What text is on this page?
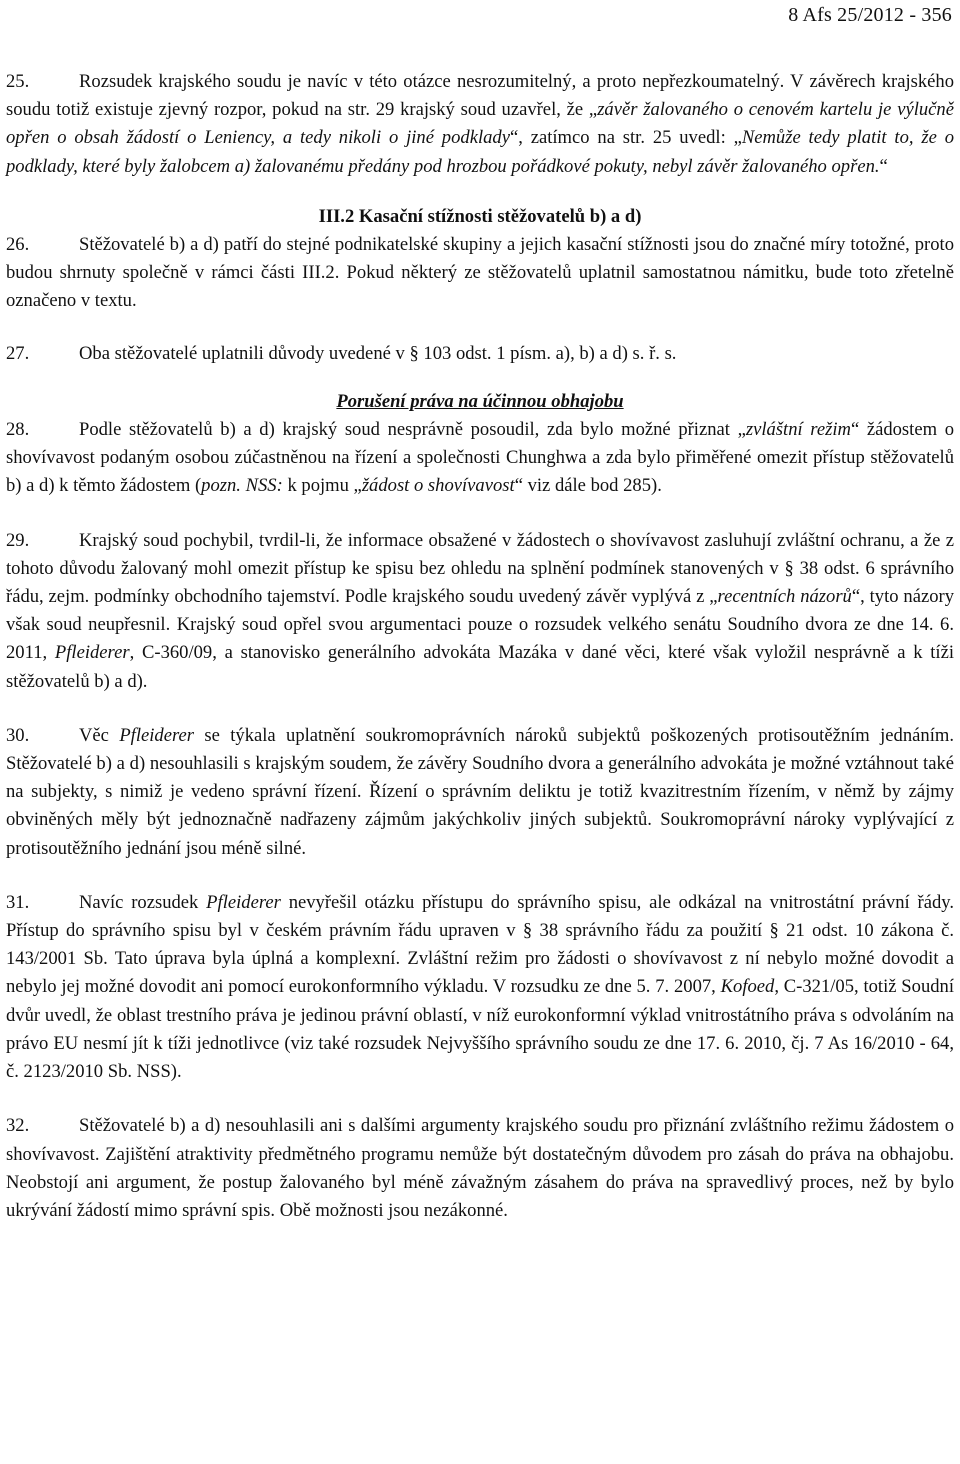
8 Afs 25/2012 - 356

25.	Rozsudek krajského soudu je navíc v této otázce nesrozumitelný, a proto nepřezkoumatelný. V závěrech krajského soudu totiž existuje zjevný rozpor, pokud na str. 29 krajský soud uzavřel, že „závěr žalovaného o cenovém kartelu je výlučně opřen o obsah žádostí o Leniency, a tedy nikoli o jiné podklady“, zatímco na str. 25 uvedl: „Nemůže tedy platit to, že o podklady, které byly žalobcem a) žalovanému předány pod hrozbou pořádkové pokuty, nebyl závěr žalovaného opřen.“

III.2 Kasační stížnosti stěžovatelů b) a d)

26.	Stěžovatelé b) a d) patří do stejné podnikatelské skupiny a jejich kasační stížnosti jsou do značné míry totožné, proto budou shrnuty společně v rámci části III.2. Pokud některý ze stěžovatelů uplatnil samostatnou námitku, bude toto zřetelně označeno v textu.

27.	Oba stěžovatelé uplatnili důvody uvedené v § 103 odst. 1 písm. a), b) a d) s. ř. s.

Porušení práva na účinnou obhajobu

28.	Podle stěžovatelů b) a d) krajský soud nesprávně posoudil, zda bylo možné přiznat „zvláštní režim“ žádostem o shovívavost podaným osobou zúčastněnou na řízení a společnosti Chunghwa a zda bylo přiměřené omezit přístup stěžovatelů b) a d) k těmto žádostem (pozn. NSS: k pojmu „žádost o shovívavost“ viz dále bod 285).

29.	Krajský soud pochybil, tvrdil-li, že informace obsažené v žádostech o shovívavost zasluhují zvláštní ochranu, a že z tohoto důvodu žalovaný mohl omezit přístup ke spisu bez ohledu na splnění podmínek stanovených v § 38 odst. 6 správního řádu, zejm. podmínky obchodního tajemství. Podle krajského soudu uvedený závěr vyplývá z „recentních názorů“, tyto názory však soud neupřesnil. Krajský soud opřel svou argumentaci pouze o rozsudek velkého senátu Soudního dvora ze dne 14. 6. 2011, Pfleiderer, C-360/09, a stanovisko generálního advokáta Mazáka v dané věci, které však vyložil nesprávně a k tíži stěžovatelů b) a d).

30.	Věc Pfleiderer se týkala uplatnění soukromoprávních nároků subjektů poškozených protisoutěžním jednáním. Stěžovatelé b) a d) nesouhlasili s krajským soudem, že závěry Soudního dvora a generálního advokáta je možné vztáhnout také na subjekty, s nimiž je vedeno správní řízení. Řízení o správním deliktu je totiž kvazitrestním řízením, v němž by zájmy obviněných měly být jednoznačně nadřazeny zájmům jakýchkoliv jiných subjektů. Soukromoprávní nároky vyplývající z protisoutěžního jednání jsou méně silné.

31.	Navíc rozsudek Pfleiderer nevyřešil otázku přístupu do správního spisu, ale odkázal na vnitrostátní právní řády. Přístup do správního spisu byl v českém právním řádu upraven v § 38 správního řádu za použití § 21 odst. 10 zákona č. 143/2001 Sb. Tato úprava byla úplná a komplexní. Zvláštní režim pro žádosti o shovívavost z ní nebylo možné dovodit a nebylo jej možné dovodit ani pomocí eurokonformního výkladu. V rozsudku ze dne 5. 7. 2007, Kofoed, C-321/05, totiž Soudní dvůr uvedl, že oblast trestního práva je jedinou právní oblastí, v níž eurokonformní výklad vnitrostátního práva s odvoláním na právo EU nesmí jít k tíži jednotlivce (viz také rozsudek Nejvyššího správního soudu ze dne 17. 6. 2010, čj. 7 As 16/2010 - 64, č. 2123/2010 Sb. NSS).

32.	Stěžovatelé b) a d) nesouhlasili ani s dalšími argumenty krajského soudu pro přiznání zvláštního režimu žádostem o shovívavost. Zajištění atraktivity předmětného programu nemůže být dostatečným důvodem pro zásah do práva na obhajobu. Neobstojí ani argument, že postup žalovaného byl méně závažným zásahem do práva na spravedlivý proces, než by bylo ukrývání žádostí mimo správní spis. Obě možnosti jsou nezákonné.
